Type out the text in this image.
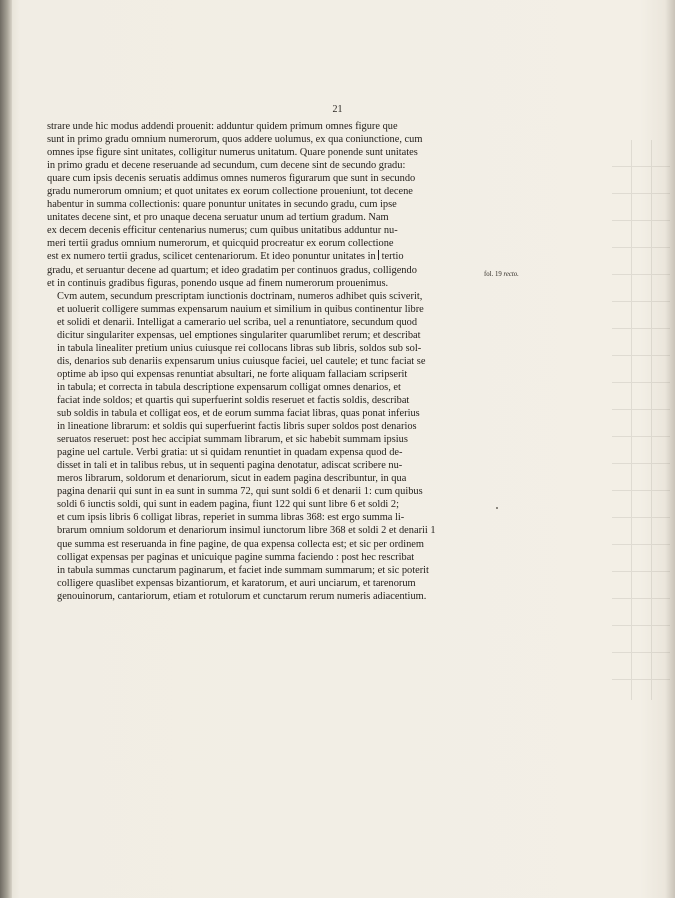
21

strare unde hic modus addendi prouenit: adduntur quidem primum omnes figure que

sunt in primo gradu omnium numerorum, quos addere uolumus, ex qua coniunctione, cum

omnes ipse figure sint unitates, colligitur numerus unitatum. Quare ponende sunt unitates

in primo gradu et decene reseruande ad secundum, cum decene sint de secundo gradu:

quare cum ipsis decenis seruatis addimus omnes numeros figurarum que sunt in secundo

gradu numerorum omnium; et quot unitates ex eorum collectione proueniunt, tot decene

habentur in summa collectionis: quare ponuntur unitates in secundo gradu, cum ipse

unitates decene sint, et pro unaque decena seruatur unum ad tertium gradum. Nam

ex decem decenis efficitur centenarius numerus; cum quibus unitatibus adduntur nu-

meri tertii gradus omnium numerorum, et quicquid procreatur ex eorum collectione

est ex numero tertii gradus, scilicet centenariorum. Et ideo ponuntur unitates in tertio

gradu, et seruantur decene ad quartum; et ideo gradatim per continuos gradus, colligendo

et in continuis gradibus figuras, ponendo usque ad finem numerorum prouenimus.

Cvm autem, secundum prescriptam iunctionis doctrinam, numeros adhibet quis sciverit,

et uoluerit colligere summas expensarum nauium et similium in quibus continentur libre

et solidi et denarii. Intelligat a camerario uel scriba, uel a renuntiatore, secundum quod

dicitur singulariter expensas, uel emptiones singulariter quarumlibet rerum; et describat

in tabula linealiter pretium unius cuiusque rei collocans libras sub libris, soldos sub sol-

dis, denarios sub denariis expensarum unius cuiusque faciei, uel cautele; et tunc faciat se

optime ab ipso qui expensas renuntiat absultari, ne forte aliquam fallaciam scripserit

in tabula; et correcta in tabula descriptione expensarum colligat omnes denarios, et

faciat inde soldos; et quartis qui superfuerint soldis reseruet et factis soldis, describat

sub soldis in tabula et colligat eos, et de eorum summa faciat libras, quas ponat inferius

in lineatione librarum: et soldis qui superfuerint factis libris super soldos post denarios

seruatos reseruet: post hec accipiat summam librarum, et sic habebit summam ipsius

pagine uel cartule. Verbi gratia: ut si quidam renuntiet in quadam expensa quod de-

disset in tali et in talibus rebus, ut in sequenti pagina denotatur, adiscat scribere nu-

meros librarum, soldorum et denariorum, sicut in eadem pagina describuntur, in qua

pagina denarii qui sunt in ea sunt in summa 72, qui sunt soldi 6 et denarii 1: cum quibus

soldi 6 iunctis soldi, qui sunt in eadem pagina, fiunt 122 qui sunt libre 6 et soldi 2;

et cum ipsis libris 6 colligat libras, reperiet in summa libras 368: est ergo summa li-

brarum omnium soldorum et denariorum insimul iunctorum libre 368 et soldi 2 et denarii 1

que summa est reseruanda in fine pagine, de qua expensa collecta est; et sic per ordinem

colligat expensas per paginas et unicuique pagine summa faciendo : post hec rescribat

in tabula summas cunctarum paginarum, et faciet inde summam summarum; et sic poterit

colligere quaslibet expensas bizantiorum, et karatorum, et auri unciarum, et tarenorum

genouinorum, cantariorum, etiam et rotulorum et cunctarum rerum numeris adiacentium.

fol. 19 recto.
